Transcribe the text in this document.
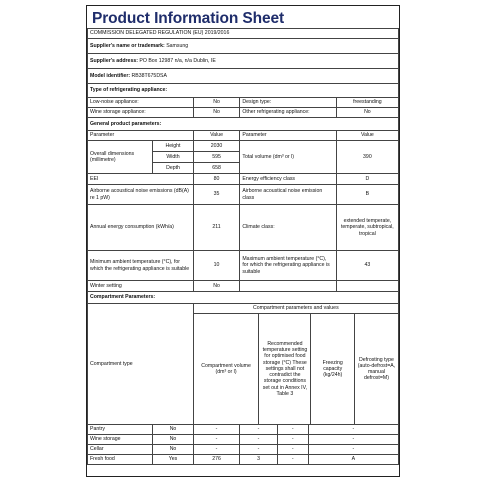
Product Information Sheet
COMMISSION DELEGATED REGULATION (EU) 2019/2016
Supplier's name or trademark: Samsung
Supplier's address: PO Box 12987 n/a, n/a Dublin, IE
Model identifier: RB38T675DSA
Type of refrigerating appliance:
Low-noise appliance:	No	Design type:	freestanding
Wine storage appliance:	No	Other refrigerating appliance:	No
General product parameters:
Parameter	Value	Parameter	Value
Overall dimensions (millimetre)	Height	2030	Total volume (dm³ or l)	390
Width	595
Depth	658
EEI	80	Energy efficiency class	D
Airborne acoustical noise emissions (dB(A) re 1 pW)	35	Airborne acoustical noise emission class	B
Annual energy consumption (kWh/a)	211	Climate class:	extended temperate, temperate, subtropical, tropical
Minimum ambient temperature (°C), for which the refrigerating appliance is suitable	10	Maximum ambient temperature (°C), for which the refrigerating appliance is suitable	43
Winter setting	No		
Compartment Parameters:
Compartment type	Compartment parameters and values

Compartment volume (dm³ or l)	Recommended temperature setting for optimised food storage (°C) These settings shall not contradict the storage conditions set out in Annex IV, Table 3	Freezing capacity (kg/24h)	Defrosting type (auto-defrost=A, manual defrost=M)
Pantry	No	-	-	-	-
Wine storage	No	-	-	-	-
Cellar	No	-	-	-	-
Fresh food	Yes	276	3	-	A
